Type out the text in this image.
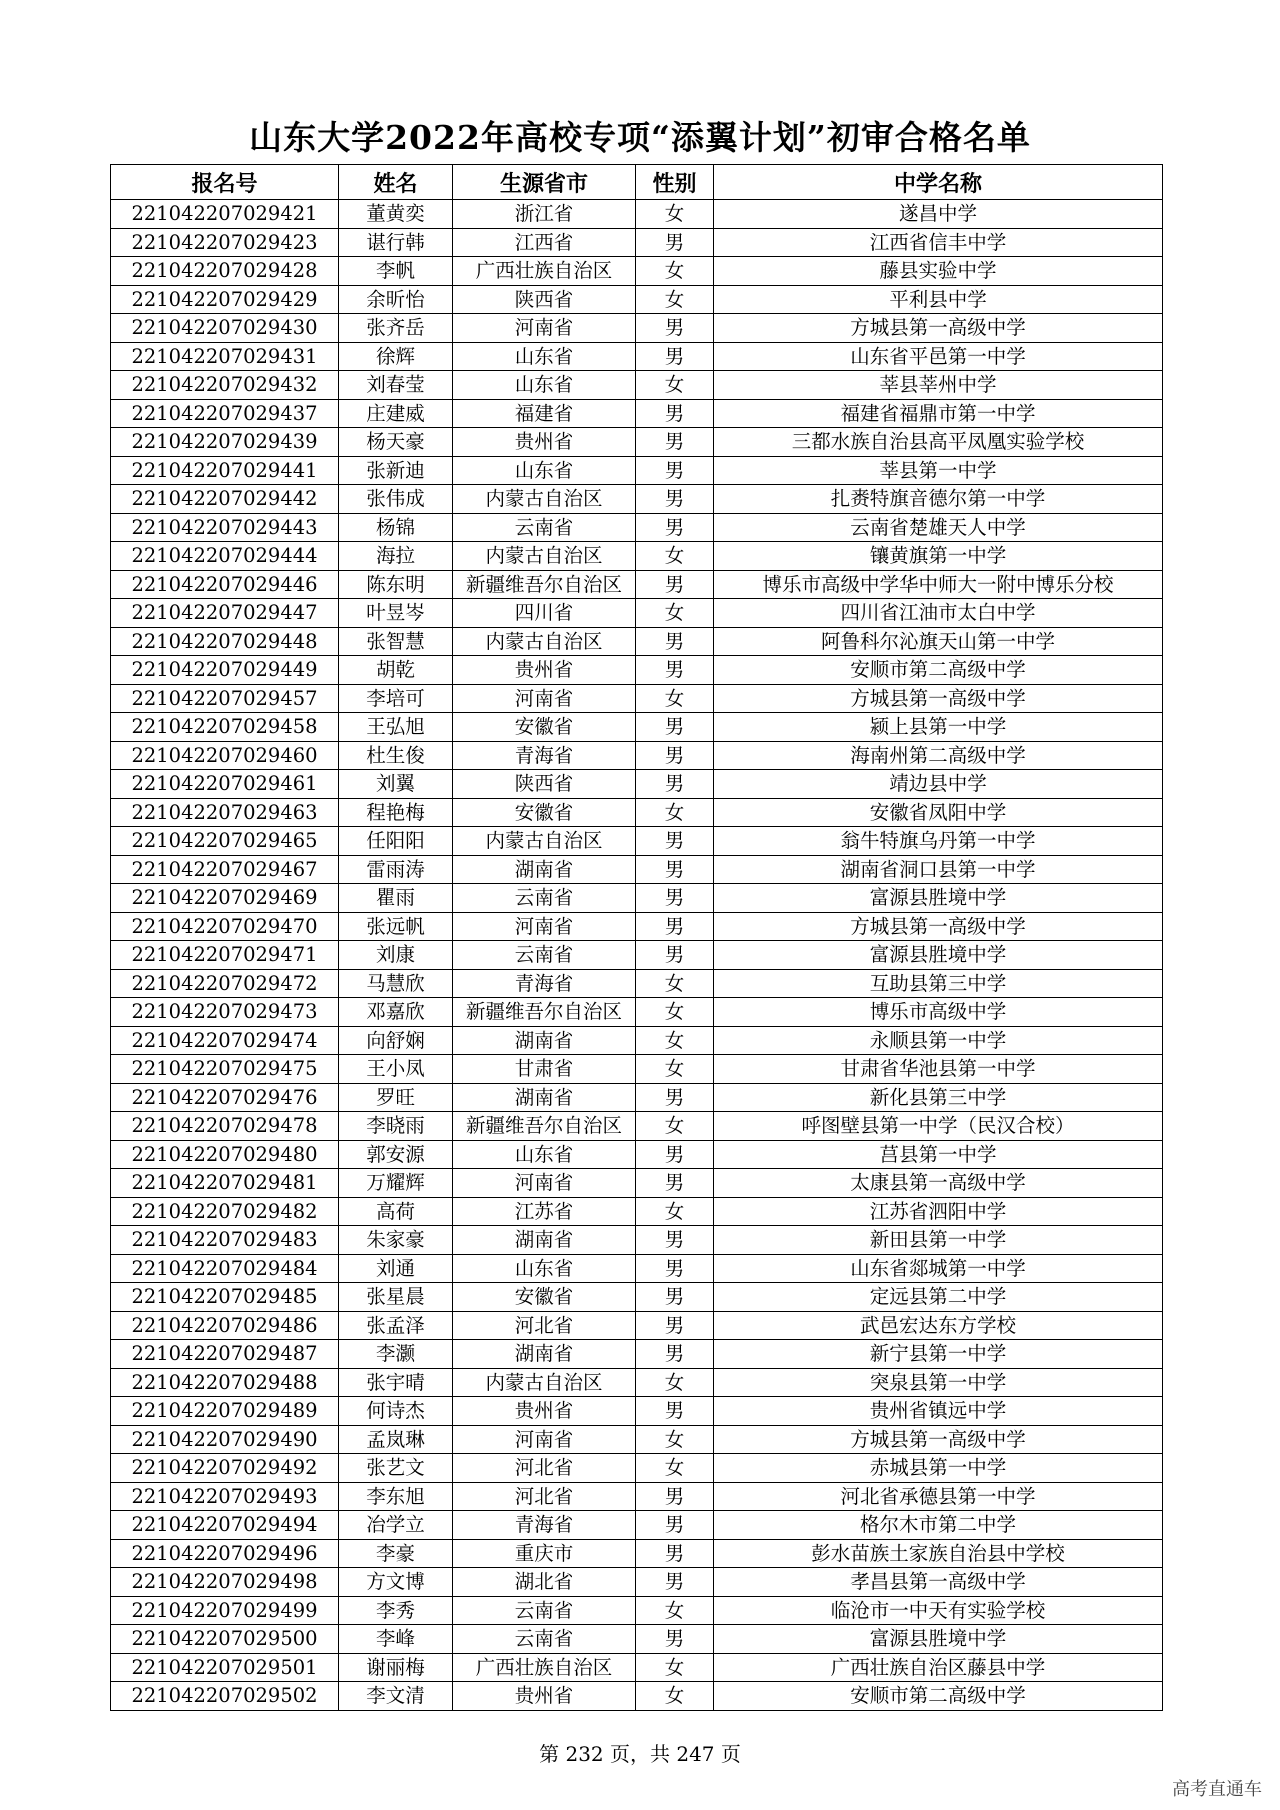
山东大学2022年高校专项“添翼计划”初审合格名单
报名号	姓名	生源省市	性别	中学名称
221042207029421	董黄奕	浙江省	女	遂昌中学
221042207029423	谌行韩	江西省	男	江西省信丰中学
221042207029428	李帆	广西壮族自治区	女	藤县实验中学
221042207029429	余昕怡	陕西省	女	平利县中学
221042207029430	张齐岳	河南省	男	方城县第一高级中学
221042207029431	徐辉	山东省	男	山东省平邑第一中学
221042207029432	刘春莹	山东省	女	莘县莘州中学
221042207029437	庄建威	福建省	男	福建省福鼎市第一中学
221042207029439	杨天豪	贵州省	男	三都水族自治县高平凤凰实验学校
221042207029441	张新迪	山东省	男	莘县第一中学
221042207029442	张伟成	内蒙古自治区	男	扎赉特旗音德尔第一中学
221042207029443	杨锦	云南省	男	云南省楚雄天人中学
221042207029444	海拉	内蒙古自治区	女	镶黄旗第一中学
221042207029446	陈东明	新疆维吾尔自治区	男	博乐市高级中学华中师大一附中博乐分校
221042207029447	叶昱岑	四川省	女	四川省江油市太白中学
221042207029448	张智慧	内蒙古自治区	男	阿鲁科尔沁旗天山第一中学
221042207029449	胡乾	贵州省	男	安顺市第二高级中学
221042207029457	李培可	河南省	女	方城县第一高级中学
221042207029458	王弘旭	安徽省	男	颍上县第一中学
221042207029460	杜生俊	青海省	男	海南州第二高级中学
221042207029461	刘翼	陕西省	男	靖边县中学
221042207029463	程艳梅	安徽省	女	安徽省凤阳中学
221042207029465	任阳阳	内蒙古自治区	男	翁牛特旗乌丹第一中学
221042207029467	雷雨涛	湖南省	男	湖南省洞口县第一中学
221042207029469	瞿雨	云南省	男	富源县胜境中学
221042207029470	张远帆	河南省	男	方城县第一高级中学
221042207029471	刘康	云南省	男	富源县胜境中学
221042207029472	马慧欣	青海省	女	互助县第三中学
221042207029473	邓嘉欣	新疆维吾尔自治区	女	博乐市高级中学
221042207029474	向舒娴	湖南省	女	永顺县第一中学
221042207029475	王小凤	甘肃省	女	甘肃省华池县第一中学
221042207029476	罗旺	湖南省	男	新化县第三中学
221042207029478	李晓雨	新疆维吾尔自治区	女	呼图壁县第一中学（民汉合校）
221042207029480	郭安源	山东省	男	莒县第一中学
221042207029481	万耀辉	河南省	男	太康县第一高级中学
221042207029482	高荷	江苏省	女	江苏省泗阳中学
221042207029483	朱家豪	湖南省	男	新田县第一中学
221042207029484	刘通	山东省	男	山东省郯城第一中学
221042207029485	张星晨	安徽省	男	定远县第二中学
221042207029486	张孟泽	河北省	男	武邑宏达东方学校
221042207029487	李灏	湖南省	男	新宁县第一中学
221042207029488	张宇晴	内蒙古自治区	女	突泉县第一中学
221042207029489	何诗杰	贵州省	男	贵州省镇远中学
221042207029490	孟岚琳	河南省	女	方城县第一高级中学
221042207029492	张艺文	河北省	女	赤城县第一中学
221042207029493	李东旭	河北省	男	河北省承德县第一中学
221042207029494	冶学立	青海省	男	格尔木市第二中学
221042207029496	李豪	重庆市	男	彭水苗族土家族自治县中学校
221042207029498	方文博	湖北省	男	孝昌县第一高级中学
221042207029499	李秀	云南省	女	临沧市一中天有实验学校
221042207029500	李峰	云南省	男	富源县胜境中学
221042207029501	谢丽梅	广西壮族自治区	女	广西壮族自治区藤县中学
221042207029502	李文清	贵州省	女	安顺市第二高级中学
第 232 页，共 247 页
高考直通车
